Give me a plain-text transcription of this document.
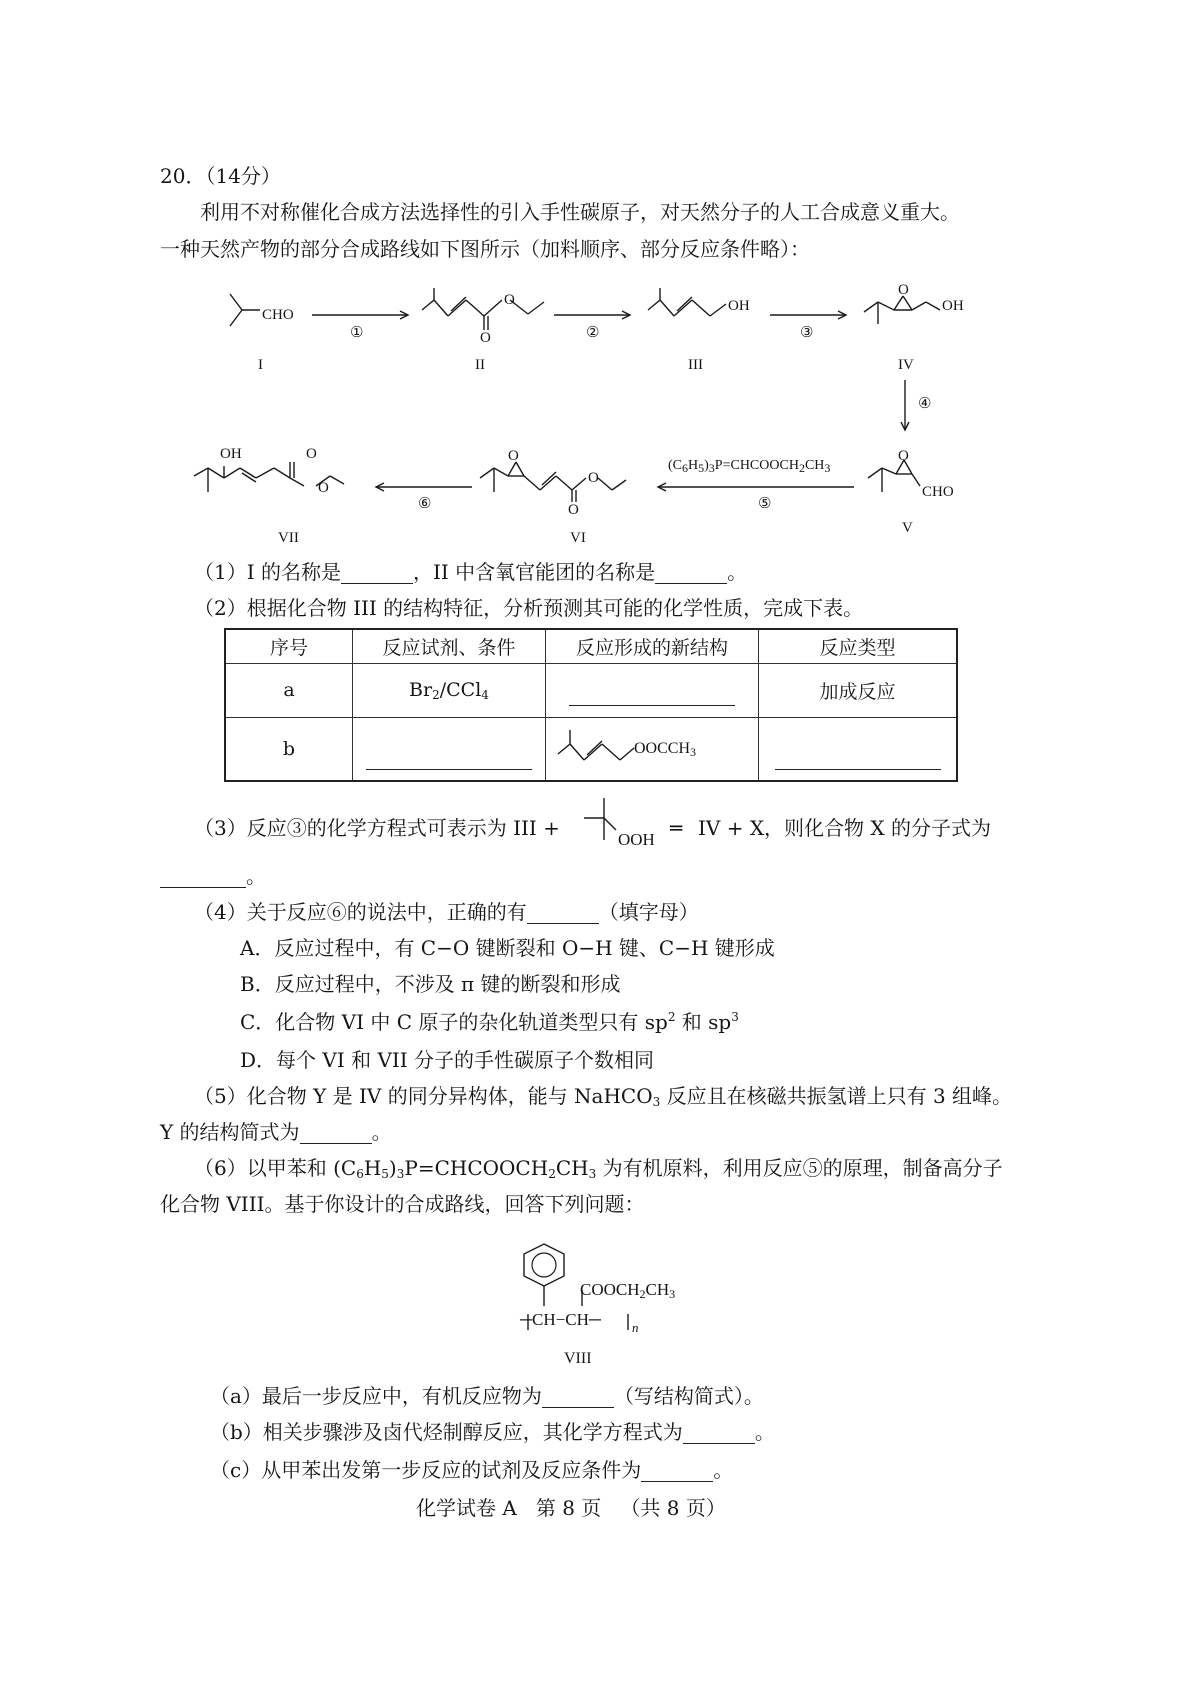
20．（14分）
利用不对称催化合成方法选择性的引入手性碳原子，对天然分子的人工合成意义重大。
一种天然产物的部分合成路线如下图所示（加料顺序、部分反应条件略）：
CHO
I
①
O
O
II
②
OH
III
③
O
OH
IV
④
O
CHO
V
$(C_6H_5)_3P=CHCOOCH_2CH_3$
⑤
O
O
O
VI
⑥
OH	O
O
VII
（1）I 的名称是	，II 中含氧官能团的名称是	。
（2）根据化合物 III 的结构特征，分析预测其可能的化学性质，完成下表。
序号	反应试剂、条件	反应形成的新结构	反应类型
a	$Br_2/CCl_4$		加成反应
b		$OOCCH_3$

（3）反应③的化学方程式可表示为 III +	OOH ═ IV + X，则化合物 X 的分子式为
。
（4）关于反应⑥的说法中，正确的有	（填字母）
A．反应过程中，有 C−O 键断裂和 O−H 键、C−H 键形成
B．反应过程中，不涉及 π 键的断裂和形成
C．化合物 VI 中 C 原子的杂化轨道类型只有 $sp^2$ 和 $sp^3$
D．每个 VI 和 VII 分子的手性碳原子个数相同
（5）化合物 Y 是 IV 的同分异构体，能与 NaHCO$_3$ 反应且在核磁共振氢谱上只有 3 组峰。
Y 的结构简式为	。
（6）以甲苯和 $(C_6H_5)_3P=CHCOOCH_2CH_3$ 为有机原料，利用反应⑤的原理，制备高分子
化合物 VIII。基于你设计的合成路线，回答下列问题：
$COOCH_2CH_3$
─CH−CH─ n
VIII
（a）最后一步反应中，有机反应物为	（写结构简式）。
（b）相关步骤涉及卤代烃制醇反应，其化学方程式为	。
（c）从甲苯出发第一步反应的试剂及反应条件为	。
化学试卷 A   第 8 页   （共 8 页）
